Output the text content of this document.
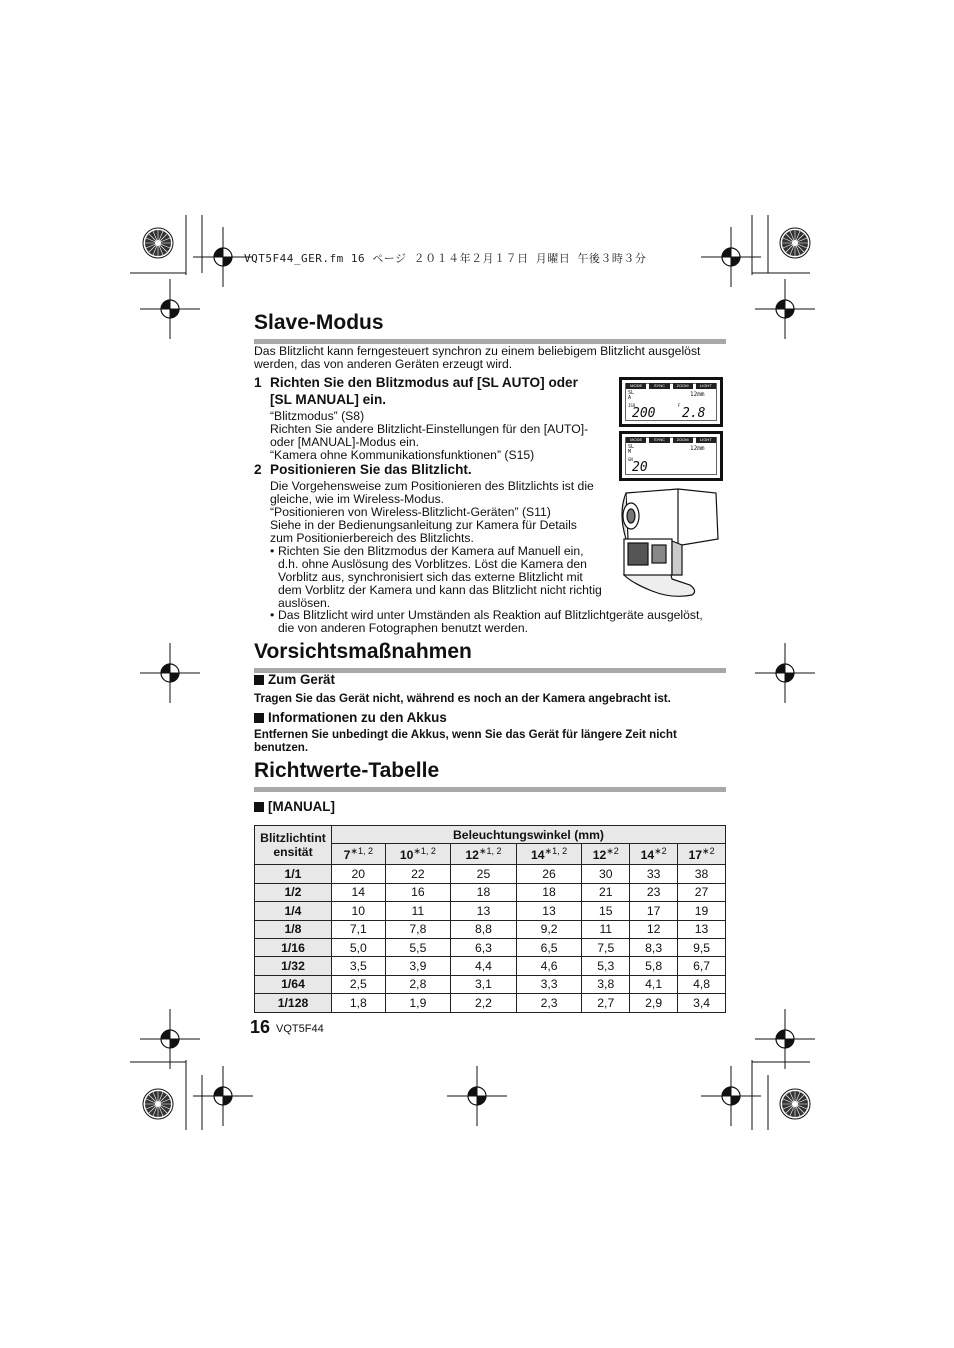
VQT5F44_GER.fm 16 ページ ２０１４年２月１７日 月曜日 午後３時３分
Slave-Modus
Das Blitzlicht kann ferngesteuert synchron zu einem beliebigem Blitzlicht ausgelöst werden, das von anderen Geräten erzeugt wird.
1 Richten Sie den Blitzmodus auf [SL AUTO] oder [SL MANUAL] ein.
“Blitzmodus” (S8)
Richten Sie andere Blitzlicht-Einstellungen für den [AUTO]- oder [MANUAL]-Modus ein.
“Kamera ohne Kommunikationsfunktionen” (S15)
2 Positionieren Sie das Blitzlicht.
Die Vorgehensweise zum Positionieren des Blitzlichts ist die gleiche, wie im Wireless-Modus.
“Positionieren von Wireless-Blitzlicht-Geräten” (S11)
Siehe in der Bedienungsanleitung zur Kamera für Details zum Positionierbereich des Blitzlichts.
• Richten Sie den Blitzmodus der Kamera auf Manuell ein, d.h. ohne Auslösung des Vorblitzes. Löst die Kamera den Vorblitz aus, synchronisiert sich das externe Blitzlicht mit dem Vorblitz der Kamera und kann das Blitzlicht nicht richtig auslösen.
• Das Blitzlicht wird unter Umständen als Reaktion auf Blitzlichtgeräte ausgelöst, die von anderen Fotographen benutzt werden.
MODE	SYNC	ZOOM	LIGHT
SL
A	12mm
ISO
200
F
2.8
MODE	SYNC	ZOOM	LIGHT
SL
M	12mm
GN
20
Vorsichtsmaßnahmen
Zum Gerät
Tragen Sie das Gerät nicht, während es noch an der Kamera angebracht ist.
Informationen zu den Akkus
Entfernen Sie unbedingt die Akkus, wenn Sie das Gerät für längere Zeit nicht benutzen.
Richtwerte-Tabelle
[MANUAL]
Blitzlichtint
ensität	Beleuchtungswinkel (mm)						
	$7^{∗1, 2}$	$10^{∗1, 2}$	$12^{∗1, 2}$	$14^{∗1, 2}$	$12^{∗2}$	$14^{∗2}$	$17^{∗2}$
1/1	20	22	25	26	30	33	38
1/2	14	16	18	18	21	23	27
1/4	10	11	13	13	15	17	19
1/8	7,1	7,8	8,8	9,2	11	12	13
1/16	5,0	5,5	6,3	6,5	7,5	8,3	9,5
1/32	3,5	3,9	4,4	4,6	5,3	5,8	6,7
1/64	2,5	2,8	3,1	3,3	3,8	4,1	4,8
1/128	1,8	1,9	2,2	2,3	2,7	2,9	3,4
16 VQT5F44
